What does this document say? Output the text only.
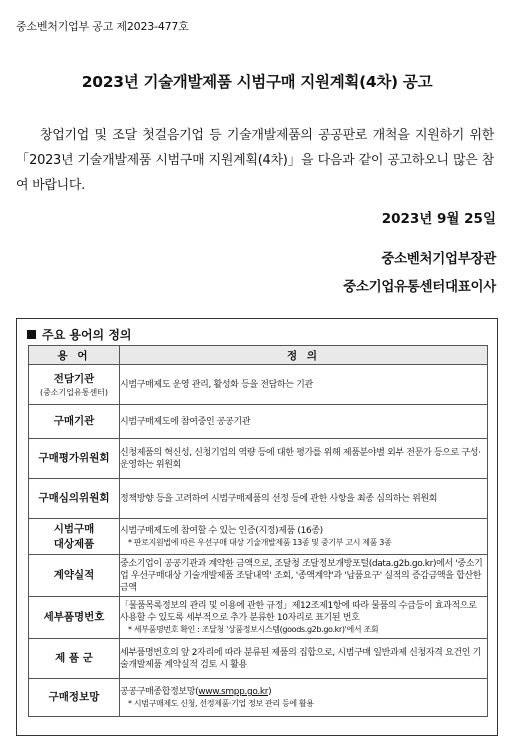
중소벤처기업부 공고 제2023-477호
2023년 기술개발제품 시범구매 지원계획(4차) 공고
창업기업 및 조달 첫걸음기업 등 기술개발제품의 공공판로 개척을 지원하기 위한 「2023년 기술개발제품 시범구매 지원계획(4차)」을 다음과 같이 공고하오니 많은 참여 바랍니다.
2023년 9월 25일
중소벤처기업부장관
중소기업유통센터대표이사
주요 용어의 정의
용 어	정 의
전담기관
(중소기업유통센터)	시범구매제도 운영 관리, 활성화 등을 전담하는 기관
구매기관	시범구매제도에 참여중인 공공기관
구매평가위원회	신청제품의 혁신성, 신청기업의 역량 등에 대한 평가를 위해 제품분야별 외부 전문가 등으로 구성·운영하는 위원회
구매심의위원회	정책방향 등을 고려하여 시범구매제품의 선정 등에 관한 사항을 최종 심의하는 위원회
시범구매
대상제품	시범구매제도에 참여할 수 있는 인증(지정)제품 (16종)
* 판로지원법에 따른 우선구매 대상 기술개발제품 13종 및 중기부 고시 제품 3종

계약실적	중소기업이 공공기관과 계약한 금액으로, 조달청 조달정보개방포털(data.g2b.go.kr)에서 '중소기업 우선구매대상 기술개발제품 조달내역' 조회, '종액계약'과 '납품요구' 실적의 증감금액을 합산한 금액
세부품명번호	「물품목록정보의 관리 및 이용에 관한 규정」제12조제1항에 따라 물품의 수급등이 효과적으로 사용할 수 있도록 세부적으로 추가 분류한 10자리로 표기된 번호
* 세부품명번호 확인 : 조달청 '상품정보시스템(goods.g2b.go.kr)'에서 조회

제 품 군	세부품명번호의 앞 2자리에 따라 분류된 제품의 집합으로, 시범구매 일반과제 신청자격 요건인 기술개발제품 계약실적 검토 시 활용
구매정보망	공공구매종합정보망(www.smpp.go.kr)
* 시범구매제도 신청, 선정제품·기업 정보 관리 등에 활용
